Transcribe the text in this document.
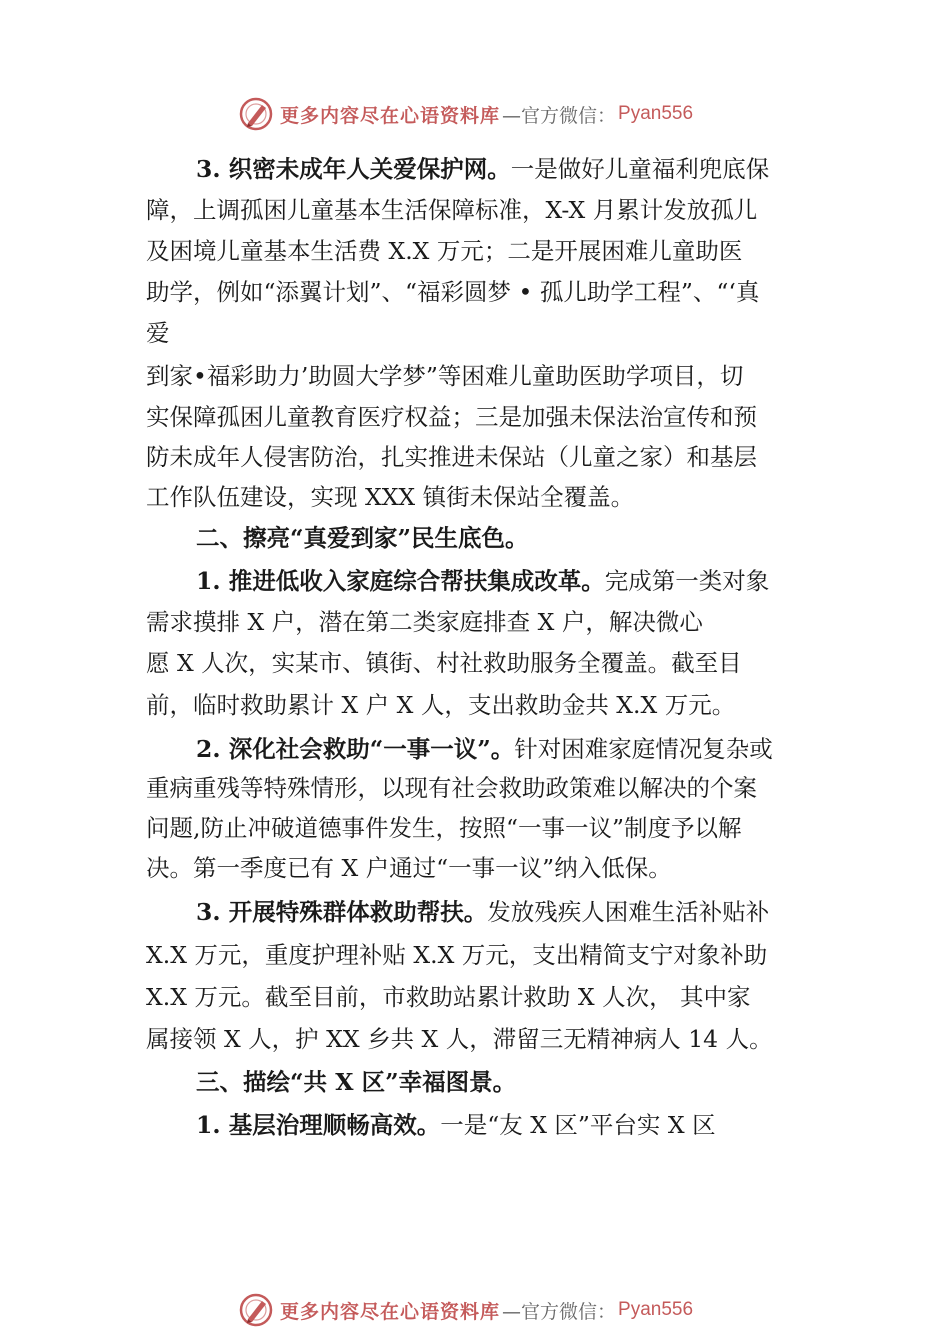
更多内容尽在心语资料库 —官方微信： Pyan556
3. 织密未成年人关爱保护网。一是做好儿童福利兜底保
障，上调孤困儿童基本生活保障标准，X-X 月累计发放孤儿
及困境儿童基本生活费 X.X 万元；二是开展困难儿童助医
助学，例如“添翼计划”、“福彩圆梦 • 孤儿助学工程”、“‘真
爱
到家•福彩助力’助圆大学梦”等困难儿童助医助学项目，切
实保障孤困儿童教育医疗权益；三是加强未保法治宣传和预
防未成年人侵害防治，扎实推进未保站（儿童之家）和基层
工作队伍建设，实现 XXX 镇街未保站全覆盖。
二、擦亮“真爱到家”民生底色。
1. 推进低收入家庭综合帮扶集成改革。完成第一类对象
需求摸排 X 户，潜在第二类家庭排查 X 户，解决微心
愿 X 人次，实某市、镇街、村社救助服务全覆盖。截至目
前，临时救助累计 X 户 X 人，支出救助金共 X.X 万元。
2. 深化社会救助“一事一议”。针对困难家庭情况复杂或
重病重残等特殊情形，以现有社会救助政策难以解决的个案
问题,防止冲破道德事件发生，按照“一事一议”制度予以解
决。第一季度已有 X 户通过“一事一议”纳入低保。
3. 开展特殊群体救助帮扶。发放残疾人困难生活补贴补
X.X 万元，重度护理补贴 X.X 万元，支出精简支宁对象补助
X.X 万元。截至目前，市救助站累计救助 X 人次， 其中家
属接领 X 人，护 XX 乡共 X 人，滞留三无精神病人 14 人。
三、描绘“共 X 区”幸福图景。
1. 基层治理顺畅高效。一是“友 X 区”平台实 X 区
更多内容尽在心语资料库 —官方微信： Pyan556
